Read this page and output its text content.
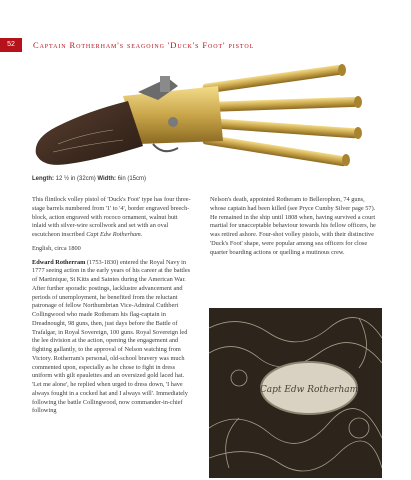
52	Captain Rotherham's seagoing 'Duck's Foot' pistol
Length: 12 ½ in (32cm) Width: 6in (15cm)

This flintlock volley pistol of 'Duck's Foot' type has four three-stage barrels numbered from '1' to '4', border engraved breech-block, action engraved with rococo ornament, walnut butt inlaid with silver-wire scrollwork and set with an oval escutcheon inscribed Capt Edw Rotherham.

English, circa 1800

Edward Rotherram (1753-1830) entered the Royal Navy in 1777 seeing action in the early years of his career at the battles of Martinique, St Kitts and Saintes during the American War. After further sporadic postings, lacklustre advancement and periods of unemployment, he benefited from the reluctant patronage of fellow Northumbrian Vice-Admiral Cuthbert Collingwood who made Rotheram his flag-captain in Dreadnought, 98 guns, then, just days before the Battle of Trafalgar, in Royal Sovereign, 100 guns. Royal Sovereign led the lee division at the action, opening the engagement and fighting gallantly, to the approval of Nelson watching from Victory. Rotherram's personal, old-school bravery was much commented upon, especially as he chose to fight in dress uniform with gilt epaulettes and an oversized gold laced hat. 'Let me alone', he replied when urged to dress down, 'I have always fought in a cocked hat and I always will'. Immediately following the battle Collingwood, now commander-in-chief following

Nelson's death, appointed Rotheram to Bellerophon, 74 guns, whose captain had been killed (see Pryce Cumby Silver page 57). He remained in the ship until 1808 when, having survived a court martial for unacceptable behaviour towards his fellow officers, he was retired ashore. Four-shot volley pistols, with their distinctive 'Duck's Foot' shape, were popular among sea officers for close quarter boarding actions or quelling a mutinous crew.

Capt Edw Rotherham
